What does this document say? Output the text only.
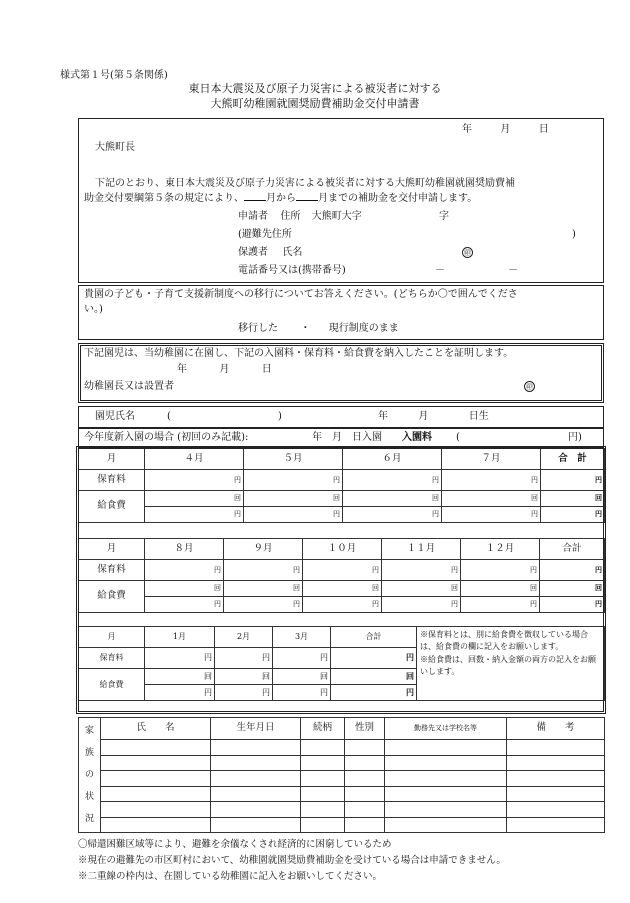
様式第１号(第５条関係)
東日本大震災及び原子力災害による被災者に対する
大熊町幼稚園就園奨励費補助金交付申請書
年	月	日
大熊町長
下記のとおり、東日本大震災及び原子力災害による被災者に対する大熊町幼稚園就園奨励費補
助金交付要綱第５条の規定により、 月から 月までの補助金を交付申請します。
申請者 住所 大熊町大字	字
(避難先住所	)
保護者 氏名	㊞
電話番号又は(携帯番号)	－	－
貴園の子ども・子育て支援新制度への移行についてお答えください。(どちらか〇で囲んでくださ
い。)
移行した ・ 現行制度のまま
下記園児は、当幼稚園に在園し、下記の入園料・保育料・給食費を納入したことを証明します。
年	月	日
幼稚園長又は設置者	㊞
園児氏名	(	)	年	月	日生
今年度新入園の場合 (初回のみ記載):	年　月　日入園 入園料 (	円)
月	４月	５月	６月	７月	合　計
保育料	円	円	円	円	円
給食費	回	回	回	回	回
	円	円	円	円	円
月	８月	９月	１０月	１１月	１２月	合計
保育料	円	円	円	円	円	円
給食費	回	回	回	回	回	回
	円	円	円	円	円	円
月	1月	2月	3月	合計	※保育料とは、別に給食費を徴収している場合は、給食費の欄に記入をお願いします。
※給食費は、回数・納入金額の両方の記入をお願いします。

保育料	円	円	円	円	
給食費	回	回	回	回	
	円	円	円	円	
家
族
の
状
況	氏　　名	生年月日	続柄	性別	勤務先又は学校名等	備　　考

〇帰還困難区域等により、避難を余儀なくされ経済的に困窮しているため
※現在の避難先の市区町村において、幼稚園就園奨励費補助金を受けている場合は申請できません。
※二重線の枠内は、在園している幼稚園に記入をお願いしてください。
